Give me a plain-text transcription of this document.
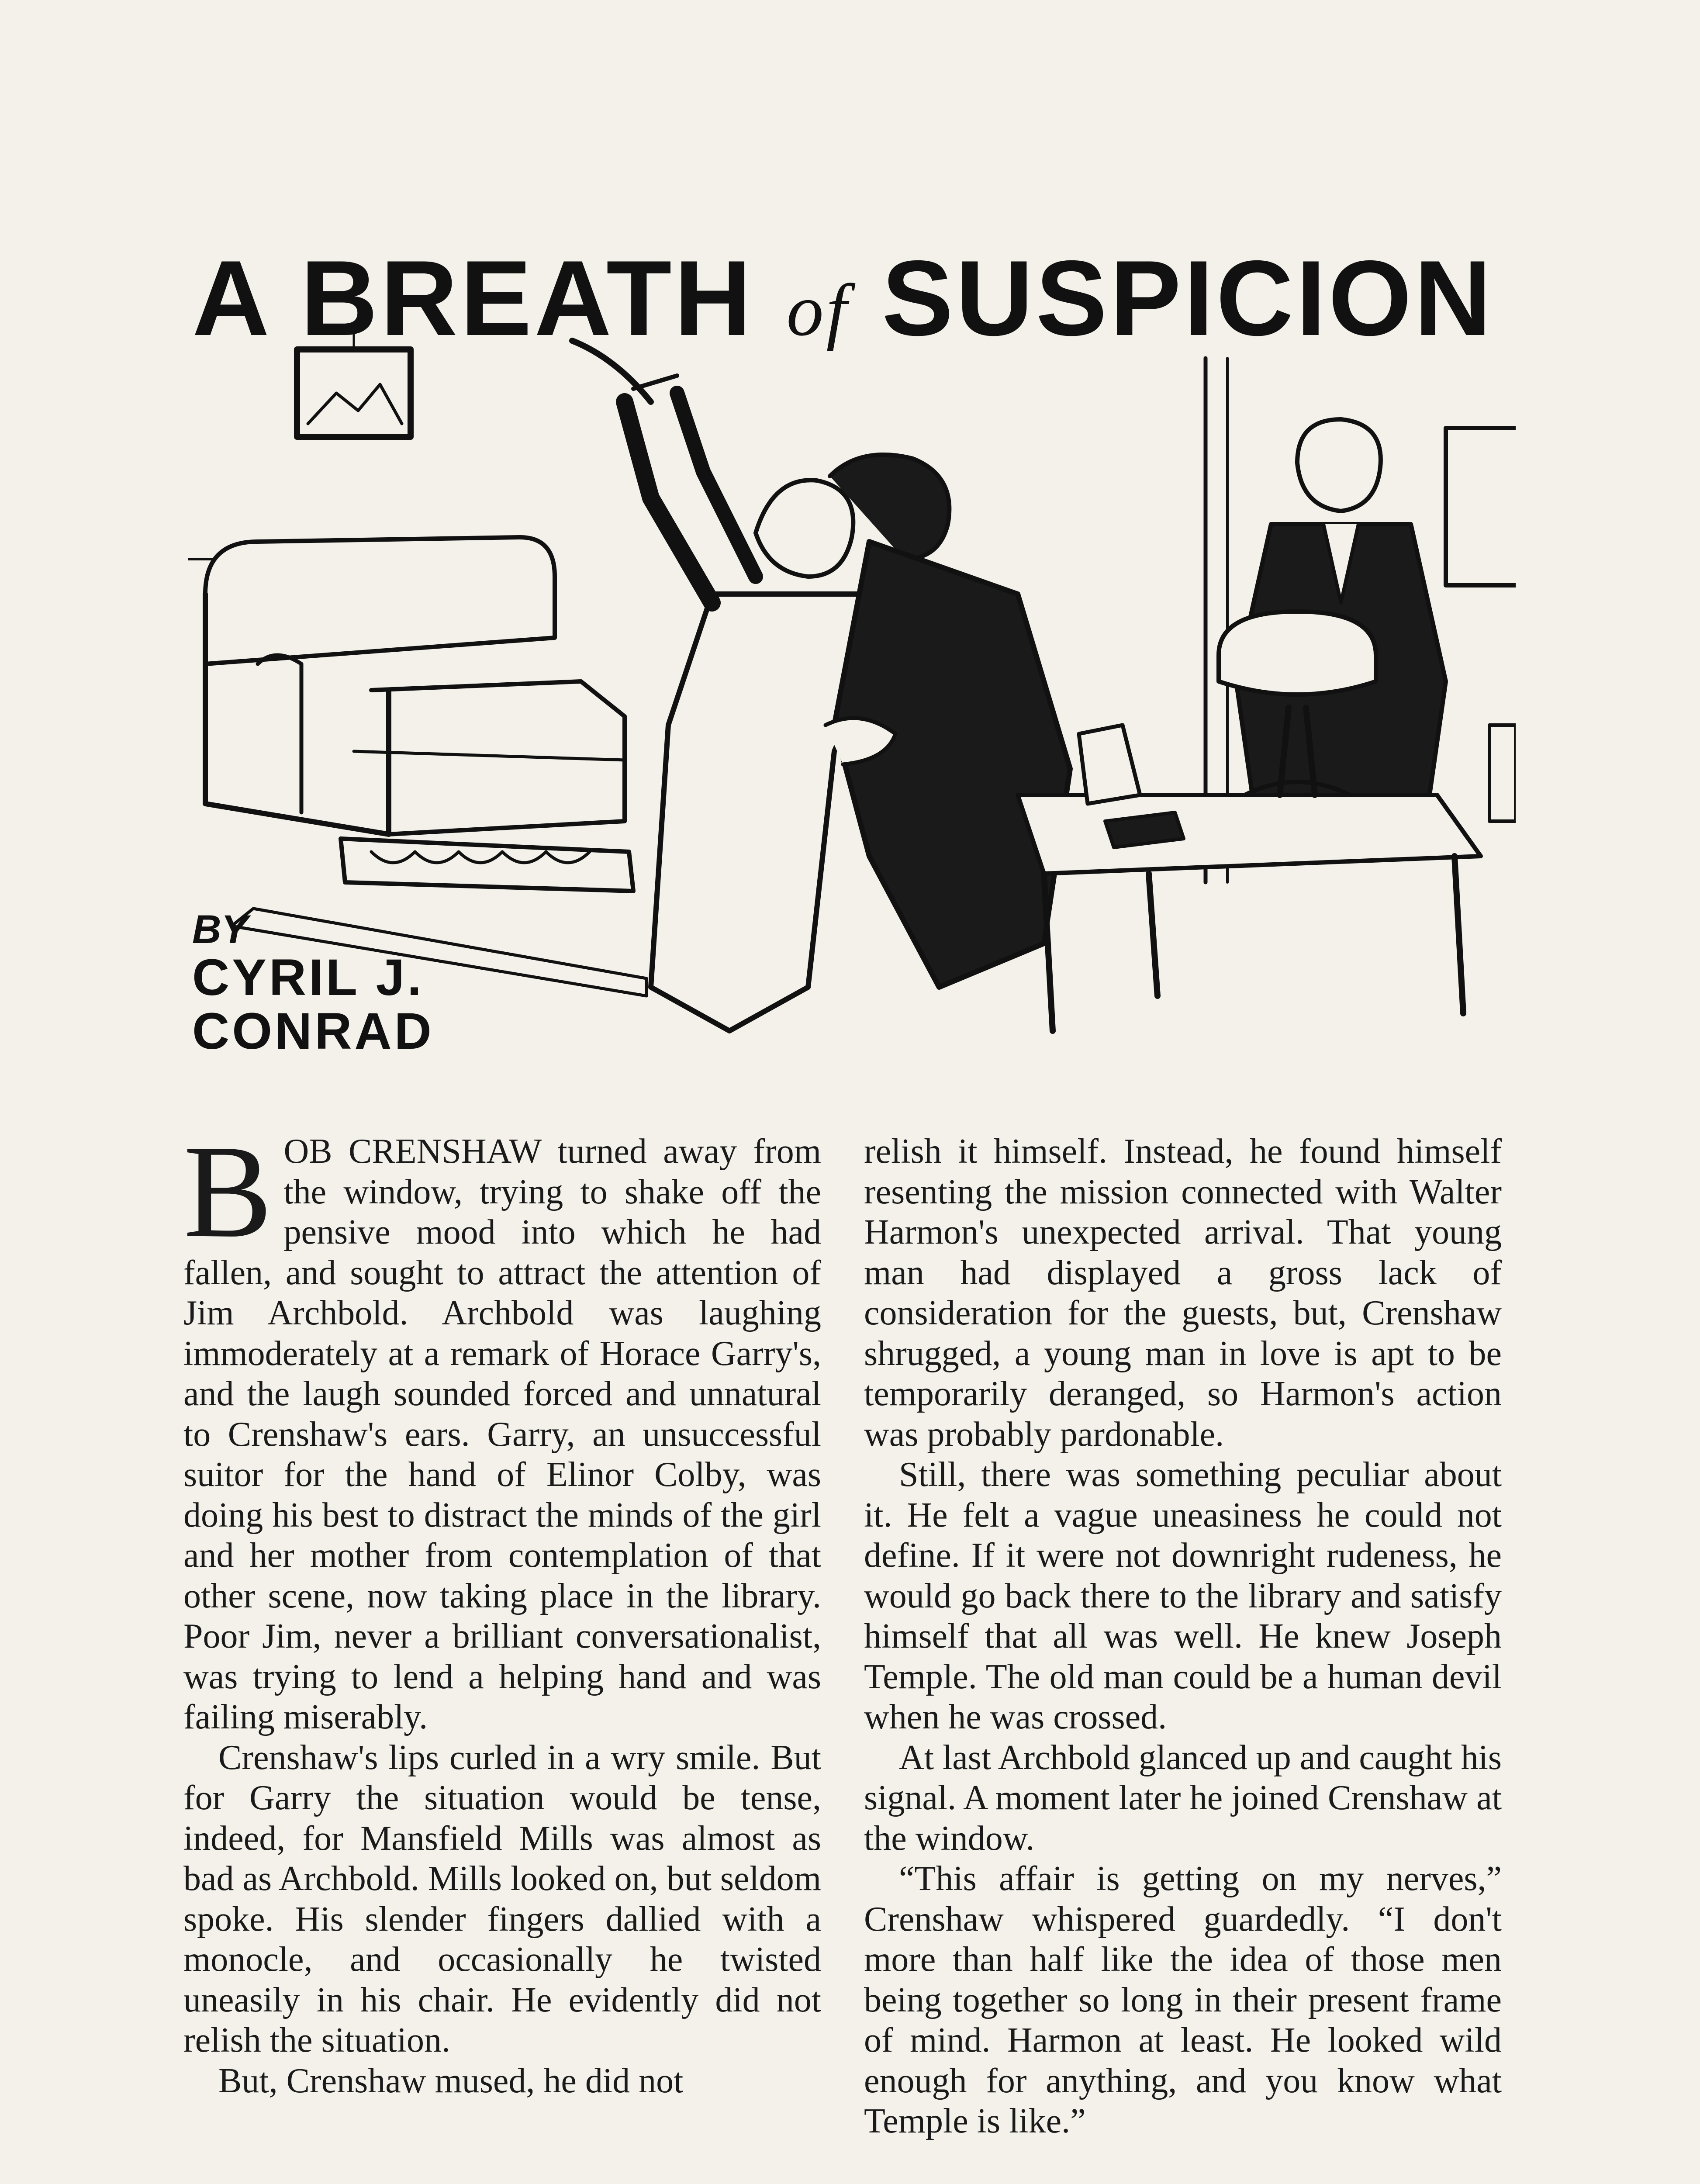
A BREATH of SUSPICION
BY
CYRIL J.
CONRAD
B OB CRENSHAW turned away from the window, trying to shake off the pensive mood into which he had fallen, and sought to attract the attention of Jim Archbold. Archbold was laughing immoderately at a remark of Horace Garry's, and the laugh sounded forced and unnatural to Crenshaw's ears. Garry, an unsuccessful suitor for the hand of Elinor Colby, was doing his best to distract the minds of the girl and her mother from contemplation of that other scene, now taking place in the library. Poor Jim, never a brilliant conversationalist, was trying to lend a helping hand and was failing miserably.

Crenshaw's lips curled in a wry smile. But for Garry the situation would be tense, indeed, for Mansfield Mills was almost as bad as Archbold. Mills looked on, but seldom spoke. His slender fingers dallied with a monocle, and occasionally he twisted uneasily in his chair. He evidently did not relish the situation.

But, Crenshaw mused, he did not

relish it himself. Instead, he found himself resenting the mission connected with Walter Harmon's unexpected arrival. That young man had displayed a gross lack of consideration for the guests, but, Crenshaw shrugged, a young man in love is apt to be temporarily deranged, so Harmon's action was probably pardonable.

Still, there was something peculiar about it. He felt a vague uneasiness he could not define. If it were not downright rudeness, he would go back there to the library and satisfy himself that all was well. He knew Joseph Temple. The old man could be a human devil when he was crossed.

At last Archbold glanced up and caught his signal. A moment later he joined Crenshaw at the window.

“This affair is getting on my nerves,” Crenshaw whispered guardedly. “I don't more than half like the idea of those men being together so long in their present frame of mind. Harmon at least. He looked wild enough for anything, and you know what Temple is like.”
